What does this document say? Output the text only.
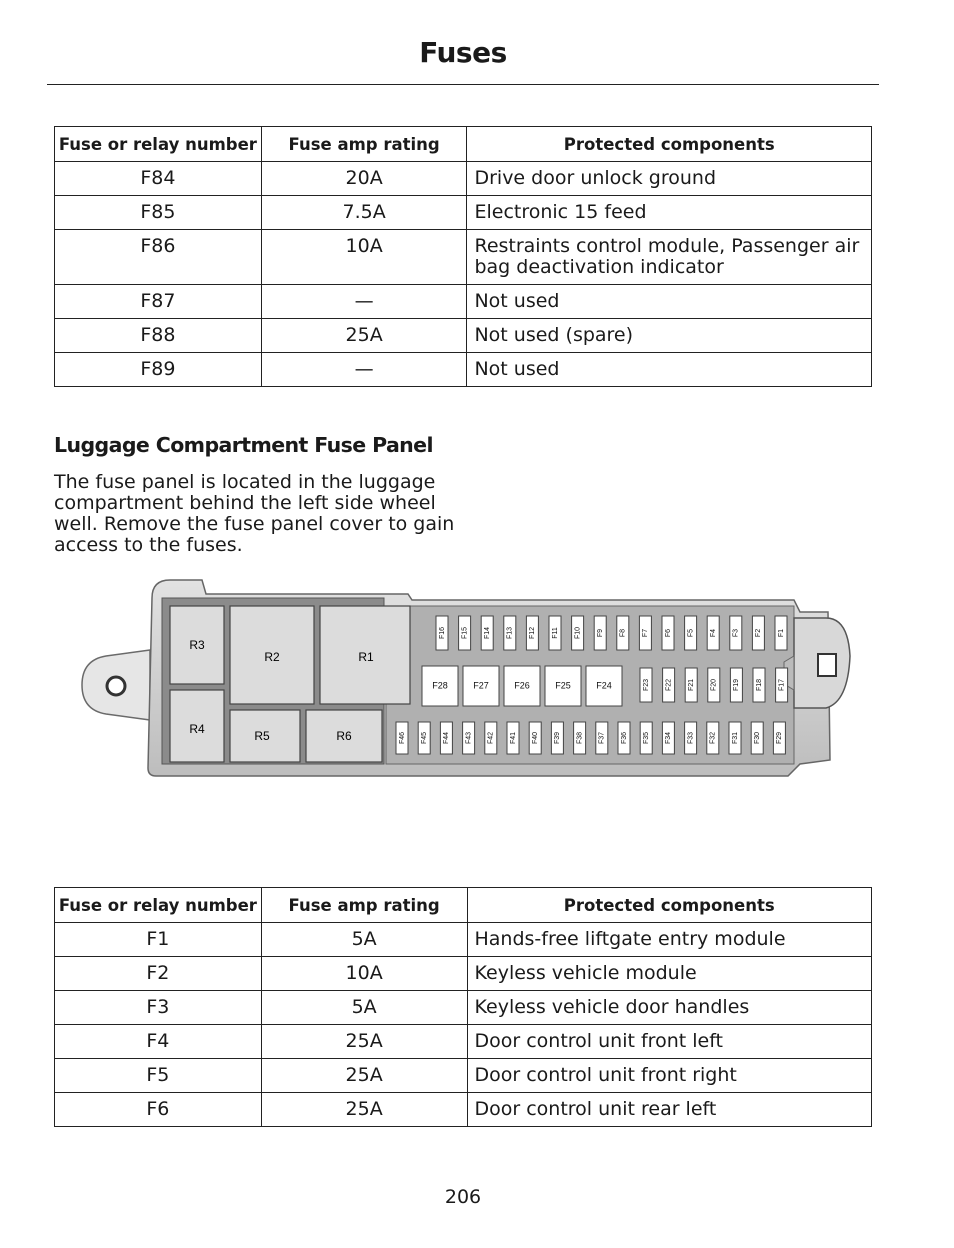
Fuses
Fuse or relay number	Fuse amp rating	Protected components
F84	20A	Drive door unlock ground
F85	7.5A	Electronic 15 feed
F86	10A	Restraints control module, Passenger air bag deactivation indicator
F87	—	Not used
F88	25A	Not used (spare)
F89	—	Not used
Luggage Compartment Fuse Panel
The fuse panel is located in the luggage compartment behind the left side wheel well. Remove the fuse panel cover to gain access to the fuses.
R3
R2	R1
R4	R5	R6
F16 F15 F14 F13 F12 F11 F10 F9 F8 F7 F6 F5 F4 F3 F2 F1
F28	F27	F26	F25	F24	F23 F22 F21 F20 F19 F18 F17
F46 F45 F44 F43 F42 F41 F40 F39 F38 F37 F36 F35 F34 F33 F32 F31 F30 F29
Fuse or relay number	Fuse amp rating	Protected components
F1	5A	Hands-free liftgate entry module
F2	10A	Keyless vehicle module
F3	5A	Keyless vehicle door handles
F4	25A	Door control unit front left
F5	25A	Door control unit front right
F6	25A	Door control unit rear left
206
